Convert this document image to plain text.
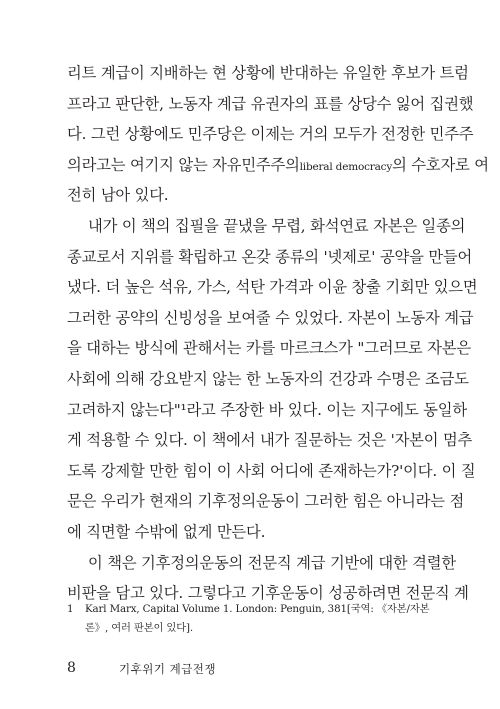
리트 계급이 지배하는 현 상황에 반대하는 유일한 후보가 트럼
프라고 판단한, 노동자 계급 유권자의 표를 상당수 잃어 집권했
다. 그런 상황에도 민주당은 이제는 거의 모두가 전정한 민주주
의라고는 여기지 않는 자유민주주의liberal democracy의 수호자로 여
전히 남아 있다.
내가 이 책의 집필을 끝냈을 무렵, 화석연료 자본은 일종의
종교로서 지위를 확립하고 온갖 종류의 '넷제로' 공약을 만들어
냈다. 더 높은 석유, 가스, 석탄 가격과 이윤 창출 기회만 있으면
그러한 공약의 신빙성을 보여줄 수 있었다. 자본이 노동자 계급
을 대하는 방식에 관해서는 카를 마르크스가 "그러므로 자본은
사회에 의해 강요받지 않는 한 노동자의 건강과 수명은 조금도
고려하지 않는다"¹라고 주장한 바 있다. 이는 지구에도 동일하
게 적용할 수 있다. 이 책에서 내가 질문하는 것은 '자본이 멈추
도록 강제할 만한 힘이 이 사회 어디에 존재하는가?'이다. 이 질
문은 우리가 현재의 기후정의운동이 그러한 힘은 아니라는 점
에 직면할 수밖에 없게 만든다.
이 책은 기후정의운동의 전문직 계급 기반에 대한 격렬한
비판을 담고 있다. 그렇다고 기후운동이 성공하려면 전문직 계
1	Karl Marx, Capital Volume 1. London: Penguin, 381[국역: 《자본/자본론》, 여러 판본이 있다].
8	기후위기 계급전쟁
